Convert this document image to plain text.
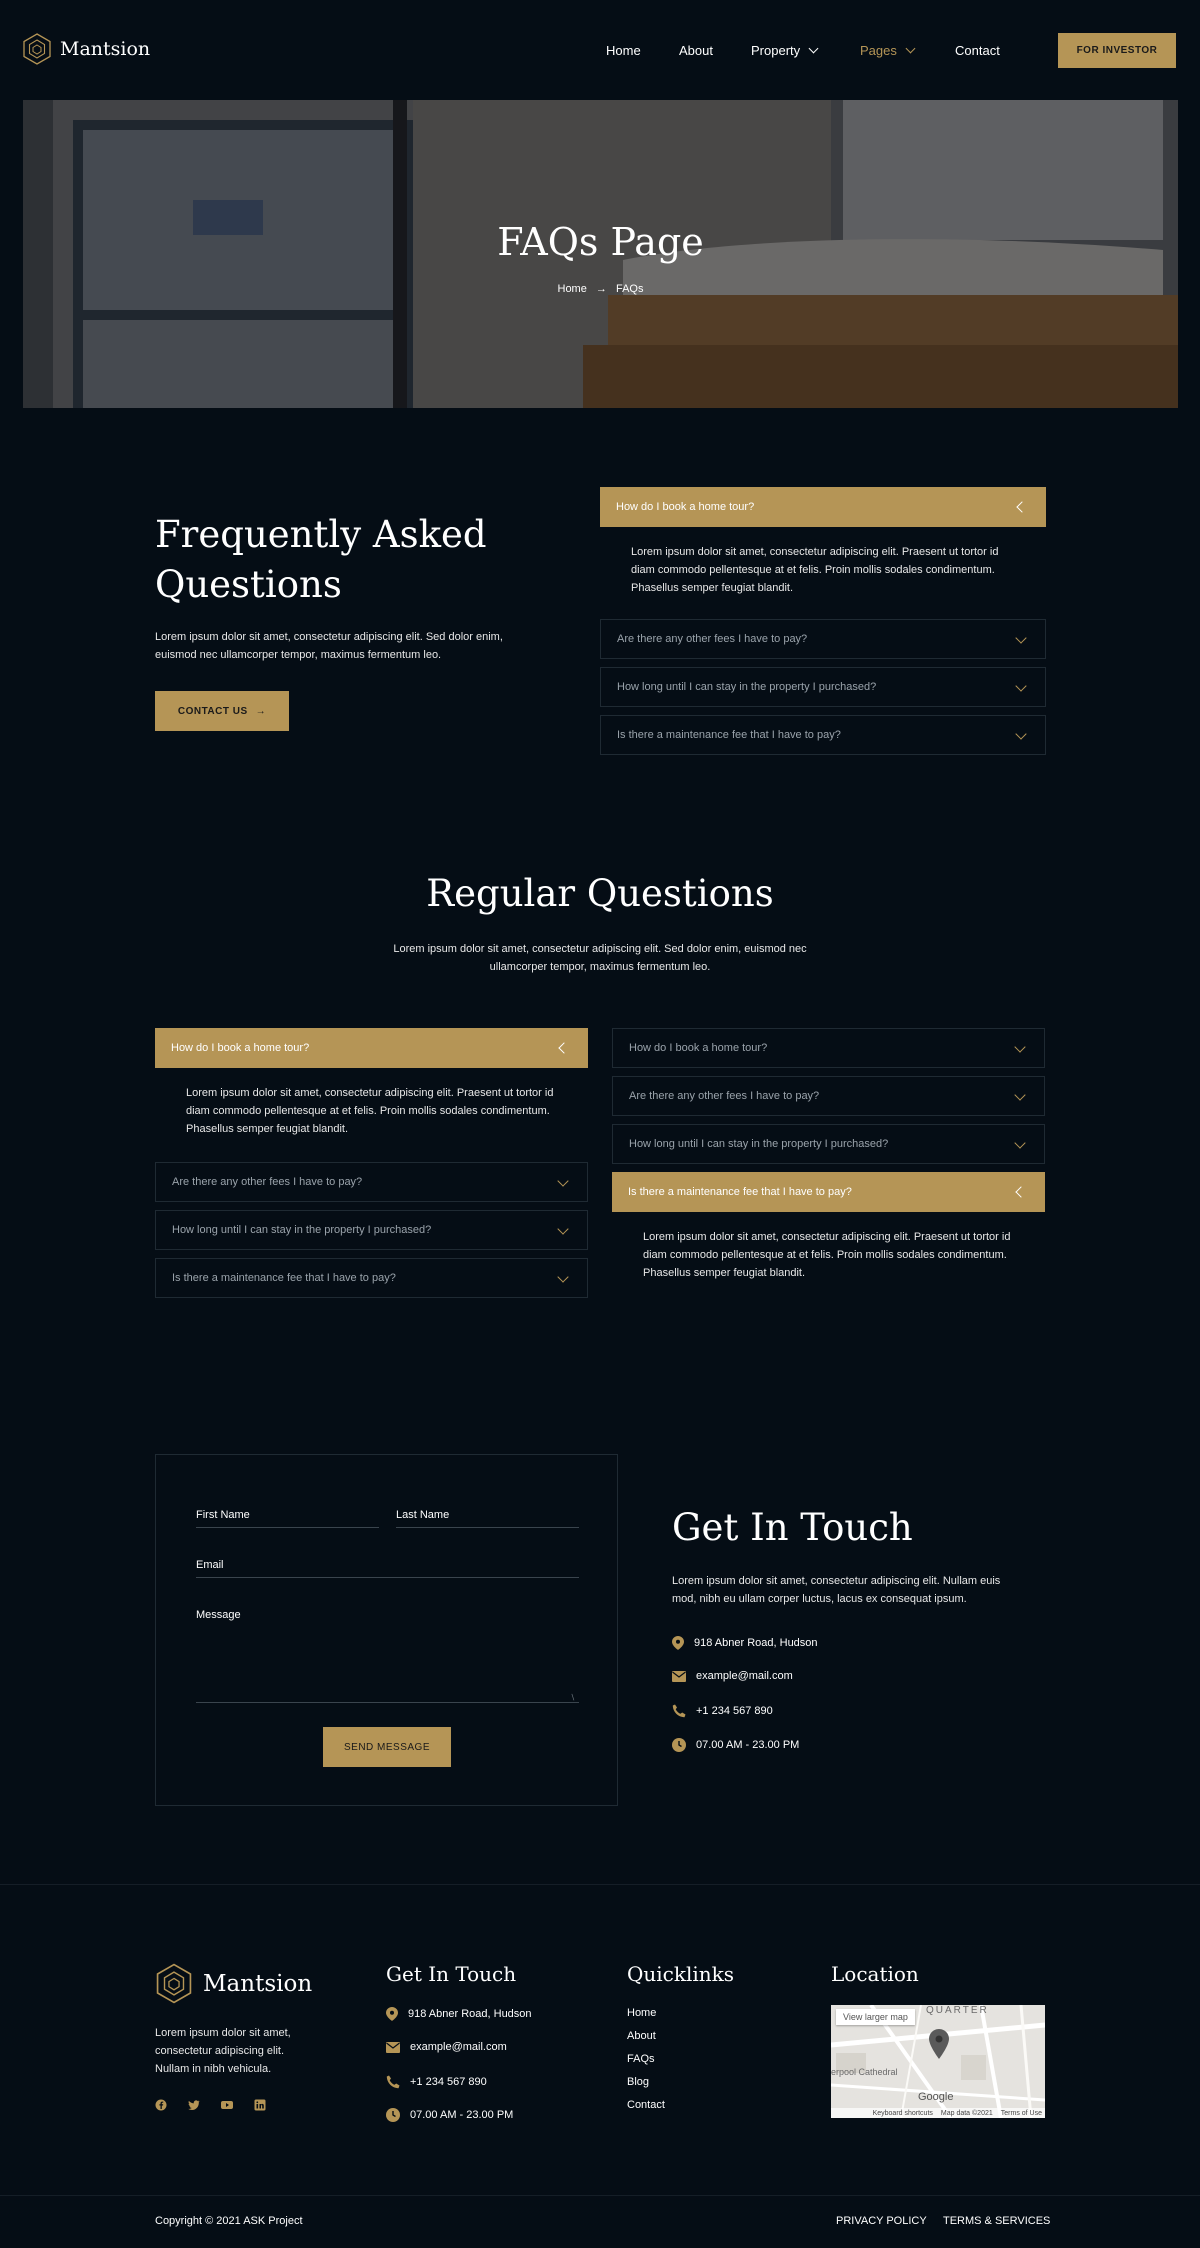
Mantsion	Home	About	Property	Pages	Contact	FOR INVESTOR
FAQs Page
Home → FAQs
Frequently Asked
Questions
Lorem ipsum dolor sit amet, consectetur adipiscing elit. Sed dolor enim, euismod nec ullamcorper tempor, maximus fermentum leo.
CONTACT US →
How do I book a home tour?
Lorem ipsum dolor sit amet, consectetur adipiscing elit. Praesent ut tortor id diam commodo pellentesque at et felis. Proin mollis sodales condimentum. Phasellus semper feugiat blandit.
Are there any other fees I have to pay?
How long until I can stay in the property I purchased?
Is there a maintenance fee that I have to pay?
Regular Questions
Lorem ipsum dolor sit amet, consectetur adipiscing elit. Sed dolor enim, euismod nec ullamcorper tempor, maximus fermentum leo.
How do I book a home tour?
Lorem ipsum dolor sit amet, consectetur adipiscing elit. Praesent ut tortor id diam commodo pellentesque at et felis. Proin mollis sodales condimentum. Phasellus semper feugiat blandit.
Are there any other fees I have to pay?
How long until I can stay in the property I purchased?
Is there a maintenance fee that I have to pay?
How do I book a home tour?
Are there any other fees I have to pay?
How long until I can stay in the property I purchased?
Is there a maintenance fee that I have to pay?
Lorem ipsum dolor sit amet, consectetur adipiscing elit. Praesent ut tortor id diam commodo pellentesque at et felis. Proin mollis sodales condimentum. Phasellus semper feugiat blandit.
First Name	Last Name
Email
Message
∖
SEND MESSAGE
Get In Touch
Lorem ipsum dolor sit amet, consectetur adipiscing elit. Nullam euis mod, nibh eu ullam corper luctus, lacus ex consequat ipsum.
918 Abner Road, Hudson
example@mail.com
+1 234 567 890
07.00 AM - 23.00 PM
Mantsion
Lorem ipsum dolor sit amet, consectetur adipiscing elit. Nullam in nibh vehicula.
Get In Touch
918 Abner Road, Hudson
example@mail.com
+1 234 567 890
07.00 AM - 23.00 PM
Quicklinks
Home
About
FAQs
Blog
Contact
Location
View larger map
QUARTER
erpool Cathedral
Google
Keyboard shortcuts Map data ©2021 Terms of Use
Copyright © 2021 ASK Project	PRIVACY POLICY TERMS & SERVICES
